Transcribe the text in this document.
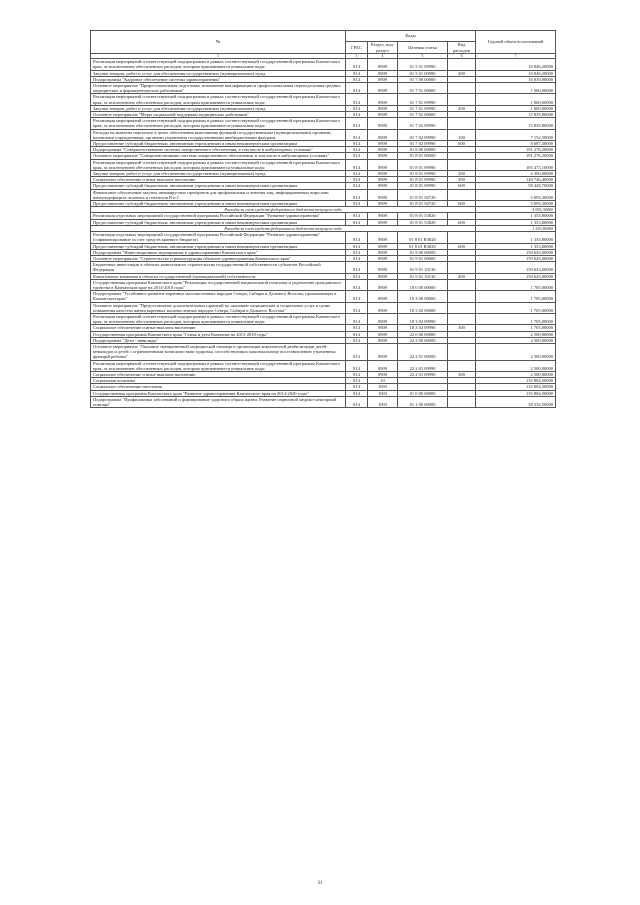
№	Коды				Годовой объем ассигнований
	ГРБС	Раздел, под-раздел	Целевая статья	Вид расходов	
1	3	4	5	6	7
Реализация мероприятий соответствующей подпрограммы в рамках соответствующей государственной программы Камчатского края, за исключением обеспеченных расходов, которым присваиваются уникальные коды	814	0909	01 5 01 09990		10 846,20000
Закупка товаров, работ и услуг для обеспечения государственных (муниципальных) нужд	814	0909	01 5 01 09990	200	10 846,20000
Подпрограмма "Кадровое обеспечение системы здравоохранения"	814	0909	01 7 00 00000		16 839,80000
Основное мероприятие "Профессиональная подготовка, повышение квалификации и профессиональная переподготовка средних медицинских и фармацевтических работников"	814	0909	01 7 01 00000		1 000,00000
Реализация мероприятий соответствующей подпрограммы в рамках соответствующей государственной программы Камчатского края, за исключением обеспеченных расходов, которым присваиваются уникальные коды	814	0909	01 7 01 09990		1 000,00000
Закупка товаров, работ и услуг для обеспечения государственных (муниципальных) нужд	814	0909	01 7 01 09990	200	1 000,00000
Основное мероприятие "Меры социальной поддержки медицинских работников"	814	0909	01 7 02 00000		15 839,80000
Реализация мероприятий соответствующей подпрограммы в рамках соответствующей государственной программы Камчатского края, за исключением обеспеченных расходов, которым присваиваются уникальные коды	814	0909	01 7 02 09990		15 839,80000
Расходы на выплаты персоналу в целях обеспечения выполнения функций государственными (муниципальными) органами, казенными учреждениями, органами управления государственными внебюджетными фондами	814	0909	01 7 02 09990	100	7 152,50000
Предоставление субсидий бюджетным, автономным учреждениям и иным некоммерческим организациям	814	0909	01 7 02 09990	600	8 687,30000
Подпрограмма "Совершенствование системы лекарственного обеспечения, в том числе в амбулаторных условиях"	814	0909	01 8 00 00000		191 276,20000
Основное мероприятие "Совершенствование системы лекарственного обеспечения, в том числе в амбулаторных условиях"	814	0909	01 8 01 00000		191 276,20000
Реализация мероприятий соответствующей подпрограммы в рамках соответствующей государственной программы Камчатского края, за исключением обеспеченных расходов, которым присваиваются уникальные коды	814	0909	01 8 01 09990		183 475,10000
Закупка товаров, работ и услуг для обеспечения государственных (муниципальных) нужд	814	0909	01 8 01 09990	200	4 300,00000
Социальное обеспечение и иные выплаты населению	814	0909	01 8 01 09990	300	120 746,40000
Предоставление субсидий бюджетным, автономным учреждениям и иным некоммерческим организациям	814	0909	01 8 01 09990	600	58 428,70000
Финансовое обеспечение закупок антивирусных препаратов для профилактики и лечения лиц, инфицированных вирусами иммунодефицита человека и гепатитов B и C	814	0909	01 8 01 50720		5 093,30000
Предоставление субсидий бюджетным, автономным учреждениям и иным некоммерческим организациям	814	0909	01 8 01 50720	600	5 093,30000
Расходы за счет средств федерального бюджета текущего года					5 093,30000
Реализация отдельных мероприятий государственной программы Российской Федерации "Развитие здравоохранения"	814	0909	01 8 01 53820		1 353,80000
Предоставление субсидий бюджетным, автономным учреждениям и иным некоммерческим организациям	814	0909	01 8 01 53820	600	1 353,80000
Расходы за счет средств федерального бюджета текущего года					1 353,80000
Реализация отдельных мероприятий государственной программы Российской Федерации "Развитие здравоохранения" (софинансирование за счет средств краевого бюджета)	814	0909	01 8 01 R3820		1 353,80000
Предоставление субсидий бюджетным, автономным учреждениям и иным некоммерческим организациям	814	0909	01 8 01 R3820	600	1 353,80000
Подпрограмма "Инвестиционные мероприятия в здравоохранении Камчатского края"	814	0909	01 9 00 00000		159 643,00000
Основное мероприятие "Строительство и реконструкция объектов здравоохранения Камчатского края"	814	0909	01 9 01 00000		159 643,00000
Бюджетные инвестиции в объекты капитального строительства государственной собственности субъектов Российской Федерации	814	0909	01 9 01 10130		159 643,00000
Капитальные вложения в объекты государственной (муниципальной) собственности	814	0909	01 9 01 10130	400	159 643,00000
Государственная программа Камчатского края "Реализация государственной национальной политики и укрепление гражданского единства в Камчатском крае на 2014-2018 годы"	814	0909	18 0 00 00000		1 705,00000
Подпрограмма "Устойчивое развитие коренных малочисленных народов Севера, Сибири и Дальнего Востока, проживающих в Камчатском крае"	814	0909	18 3 00 00000		1 705,00000
Основное мероприятие "Предоставление дополнительных гарантий по оказанию медицинских и социальных услуг в целях повышения качества жизни коренных малочисленных народов Севера, Сибири и Дальнего Востока"	814	0909	18 3 02 00000		1 705,00000
Реализация мероприятий соответствующей подпрограммы в рамках соответствующей государственной программы Камчатского края, за исключением обеспеченных расходов, которым присваиваются уникальные коды	814	0909	18 3 02 09990		1 705,00000
Социальное обеспечение и иные выплаты населению	814	0909	18 3 02 09990	300	1 705,00000
Государственная программа Камчатского края "Семья и дети Камчатки на 2015-2018 годы"	814	0909	22 0 00 00000		2 500,00000
Подпрограмма "Дети - инвалиды"	814	0909	22 2 00 00000		2 500,00000
Основное мероприятие "Оказание своевременной медицинской помощи и организация комплексной реабилитации детей-инвалидов и детей с ограниченными возможностями здоровья, способствующих максимальному восстановлению утраченных функций ребенка"	814	0909	22 2 01 00000		2 500,00000
Реализация мероприятий соответствующей подпрограммы в рамках соответствующей государственной программы Камчатского края, за исключением обеспеченных расходов, которым присваиваются уникальные коды	814	0909	22 2 01 09990		2 500,00000
Социальное обеспечение и иные выплаты населению	814	0909	22 2 01 09990	300	2 500,00000
Социальная политика	814	10			135 804,50000
Социальное обеспечение населения	814	1003			135 804,50000
Государственная программа Камчатского края "Развитие здравоохранения Камчатского края на 2014-2020 годы"	814	1003	01 0 00 00000		135 804,50000
Подпрограмма "Профилактика заболеваний и формирование здорового образа жизни. Развитие первичной медико-санитарной помощи"	814	1003	01 1 00 00000		38 334,50000
31
